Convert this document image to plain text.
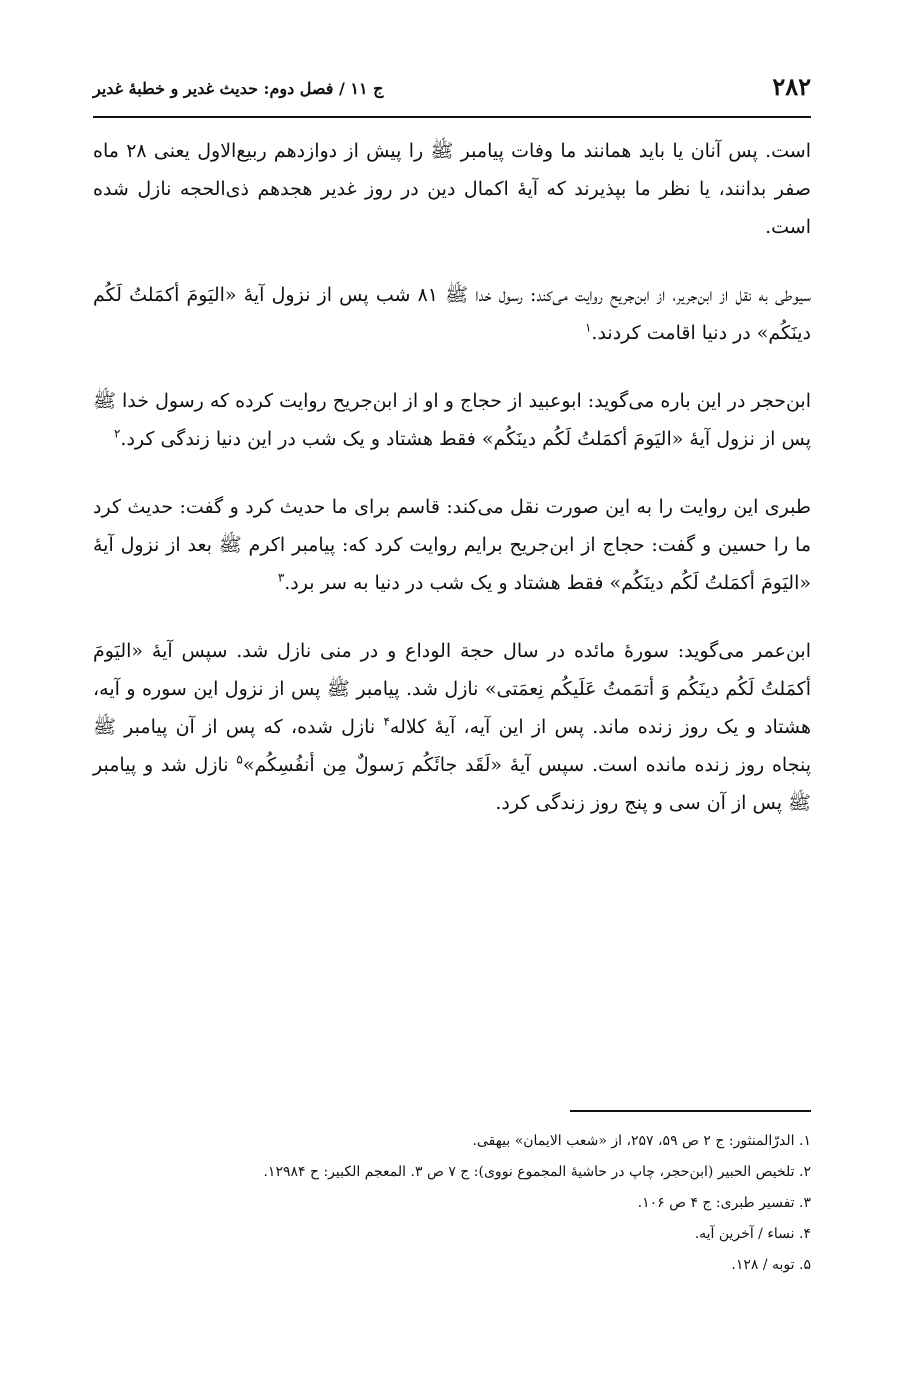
۲۸۲
ج ۱۱ / فصل دوم: حدیث غدیر و خطبهٔ غدیر

است. پس آنان یا باید همانند ما وفات پیامبر ﷺ را پیش از دوازدهم ربیع‌الاول یعنی ۲۸ ماه صفر بدانند، یا نظر ما بپذیرند که آیهٔ اکمال دین در روز غدیر هجدهم ذی‌الحجه نازل شده است.

سیوطی به نقل از ابن‌جریر، از ابن‌جریح روایت می‌کند: رسول خدا ﷺ ۸۱ شب پس از نزول آیهٔ «الیَومَ أکمَلتُ لَکُم دینَکُم» در دنیا اقامت کردند.$^۱$

ابن‌حجر در این باره می‌گوید: ابوعبید از حجاج و او از ابن‌جریح روایت کرده که رسول خدا ﷺ پس از نزول آیهٔ «الیَومَ أکمَلتُ لَکُم دینَکُم» فقط هشتاد و یک شب در این دنیا زندگی کرد.$^۲$

طبری این روایت را به این صورت نقل می‌کند: قاسم برای ما حدیث کرد و گفت: حدیث کرد ما را حسین و گفت: حجاج از ابن‌جریح برایم روایت کرد که: پیامبر اکرم ﷺ بعد از نزول آیهٔ «الیَومَ أکمَلتُ لَکُم دینَکُم» فقط هشتاد و یک شب در دنیا به سر برد.$^۳$

ابن‌عمر می‌گوید: سورهٔ مائده در سال حجة الوداع و در منی نازل شد. سپس آیهٔ «الیَومَ أکمَلتُ لَکُم دینَکُم وَ أتمَمتُ عَلَیکُم نِعمَتی» نازل شد. پیامبر ﷺ پس از نزول این سوره و آیه، هشتاد و یک روز زنده ماند. پس از این آیه، آیهٔ کلاله$^۴$ نازل شده، که پس از آن پیامبر ﷺ پنجاه روز زنده مانده است. سپس آیهٔ «لَقَد جائَکُم رَسولٌ مِن أنفُسِکُم»$^۵$ نازل شد و پیامبر ﷺ پس از آن سی و پنج روز زندگی کرد.

۱. الدرّالمنثور: ج ۲ ص ۵۹، ۲۵۷، از «شعب الایمان» بیهقی.
۲. تلخیص الحبیر (ابن‌حجر، چاپ در حاشیهٔ المجموع نووی): ج ۷ ص ۳. المعجم الکبیر: ح ۱۲۹۸۴.
۳. تفسیر طبری: ج ۴ ص ۱۰۶.
۴. نساء / آخرین آیه.
۵. توبه / ۱۲۸.
